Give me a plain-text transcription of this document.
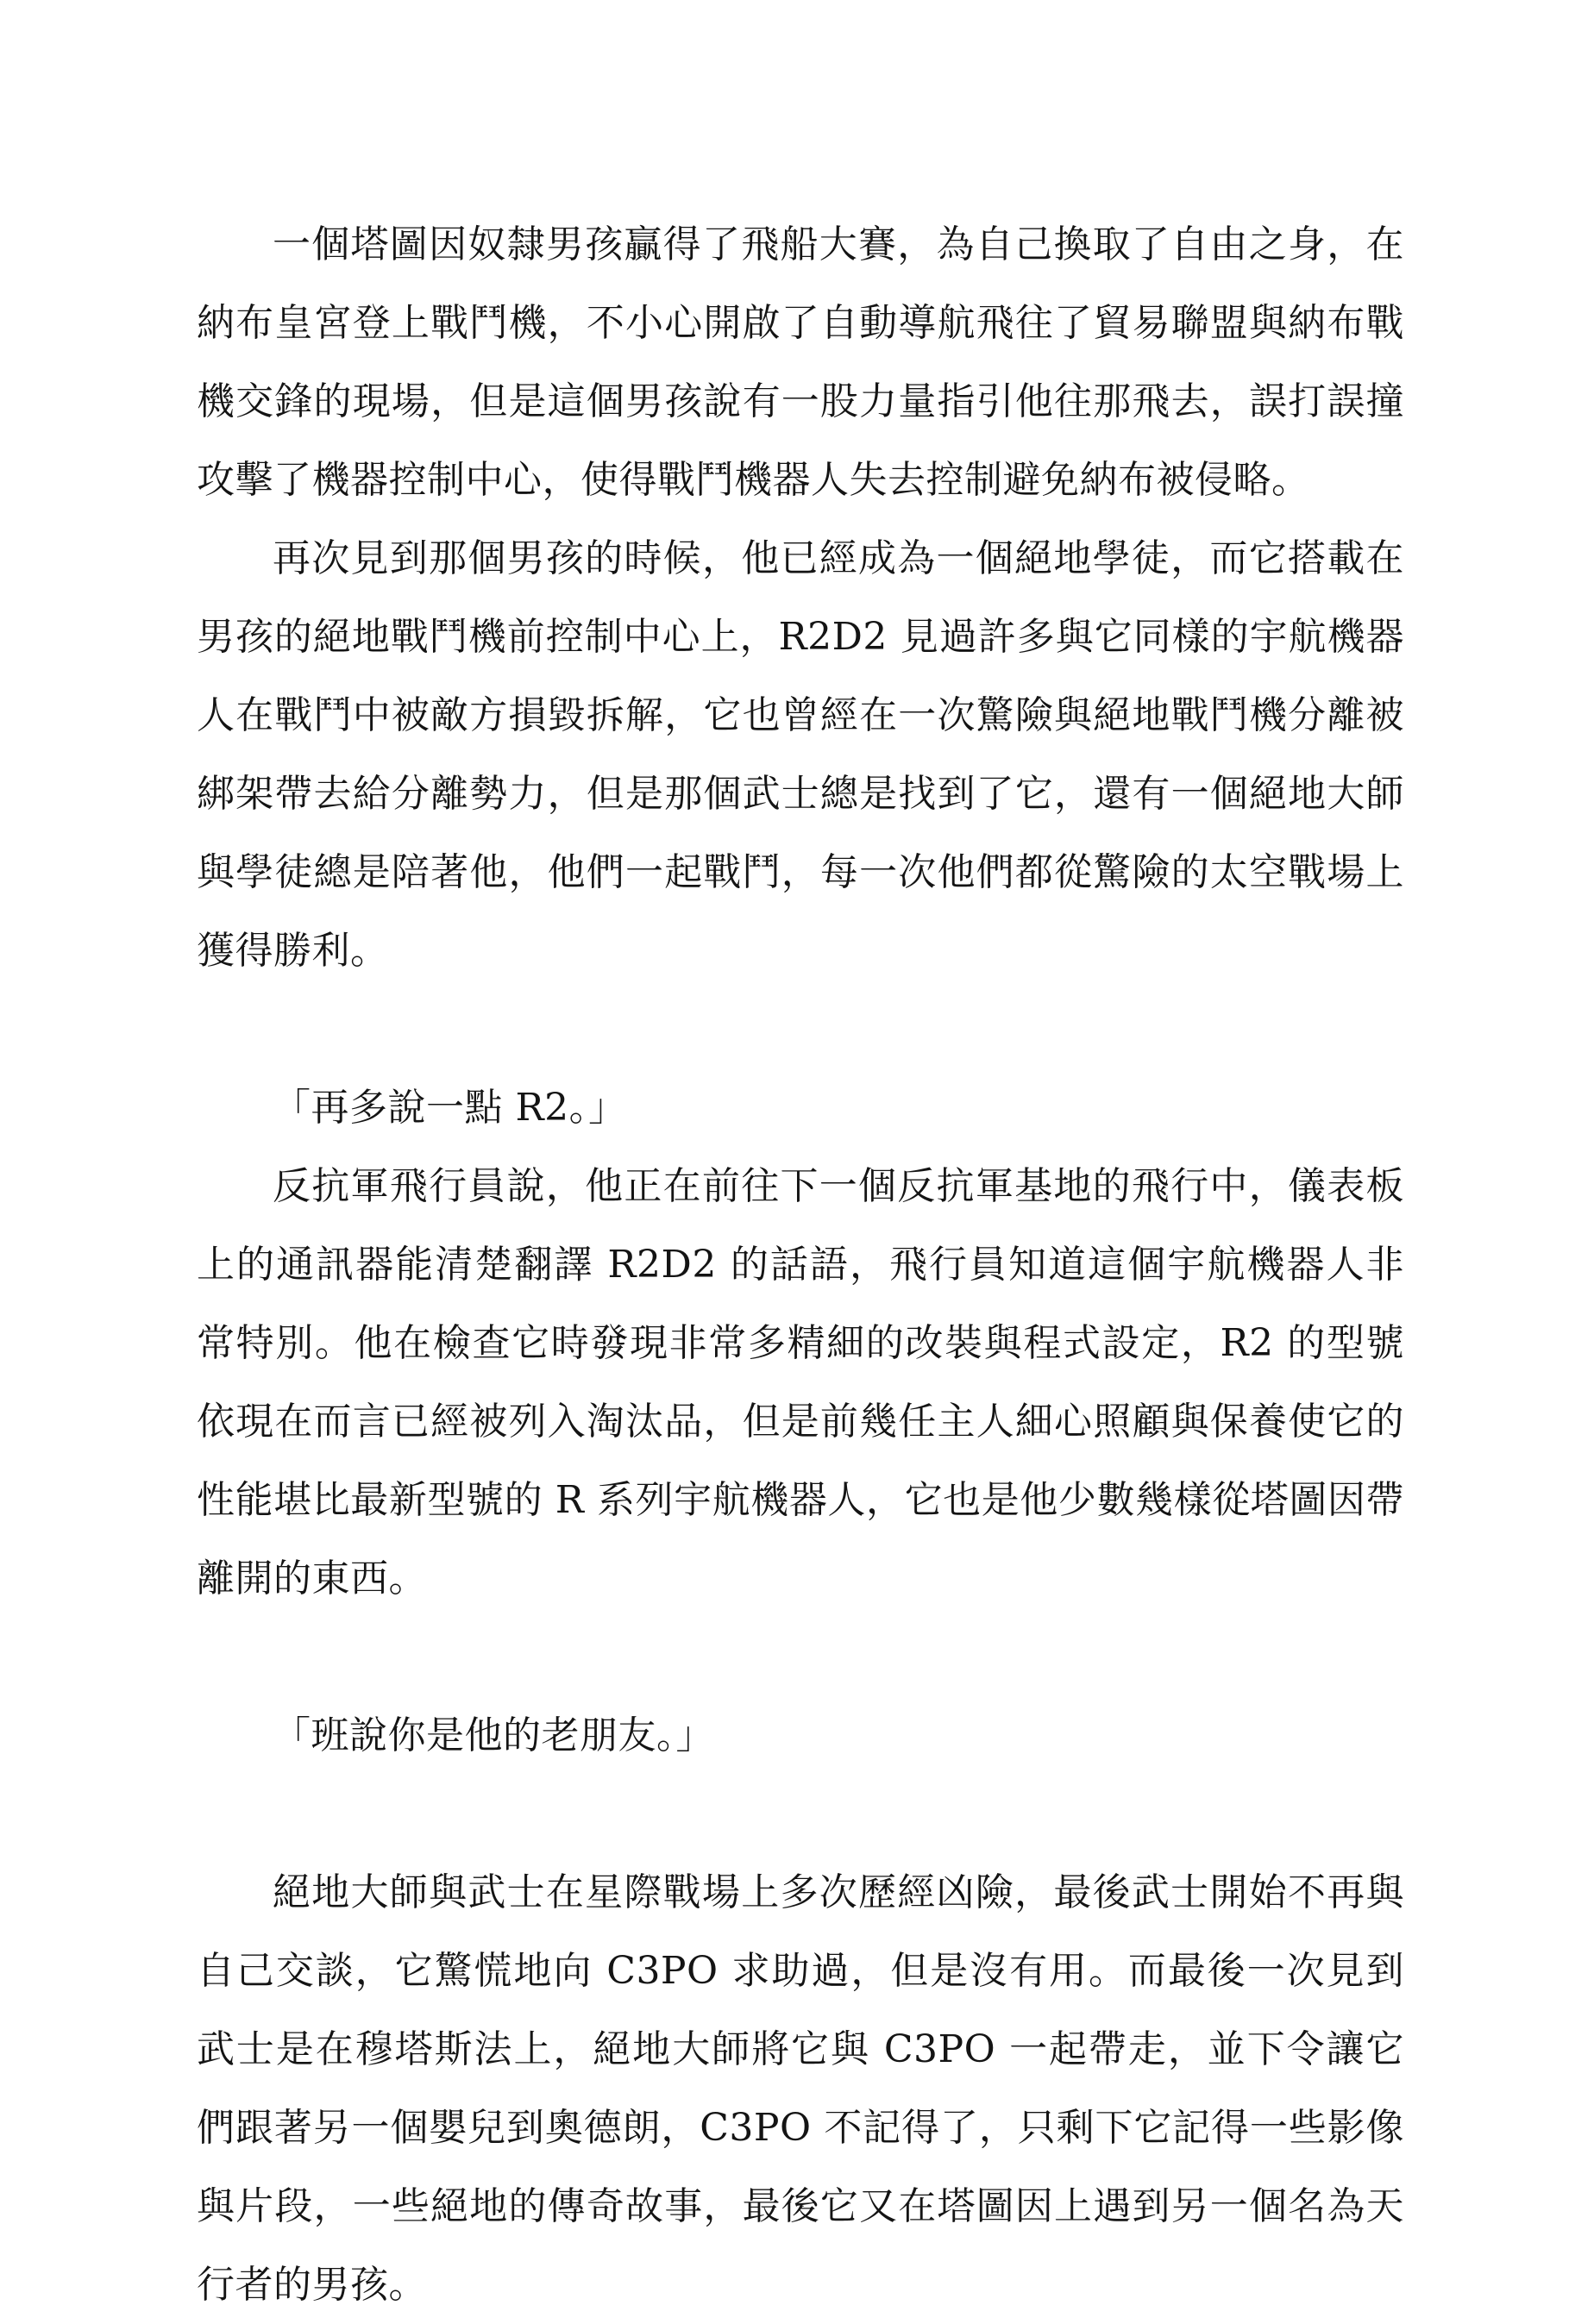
一個塔圖因奴隸男孩贏得了飛船大賽，為自己換取了自由之身，在納布皇宮登上戰鬥機，不小心開啟了自動導航飛往了貿易聯盟與納布戰機交鋒的現場，但是這個男孩說有一股力量指引他往那飛去，誤打誤撞攻擊了機器控制中心，使得戰鬥機器人失去控制避免納布被侵略。

再次見到那個男孩的時候，他已經成為一個絕地學徒，而它搭載在男孩的絕地戰鬥機前控制中心上，R2D2 見過許多與它同樣的宇航機器人在戰鬥中被敵方損毀拆解，它也曾經在一次驚險與絕地戰鬥機分離被綁架帶去給分離勢力，但是那個武士總是找到了它，還有一個絕地大師與學徒總是陪著他，他們一起戰鬥，每一次他們都從驚險的太空戰場上獲得勝利。

「再多說一點 R2。」

反抗軍飛行員說，他正在前往下一個反抗軍基地的飛行中，儀表板上的通訊器能清楚翻譯 R2D2 的話語，飛行員知道這個宇航機器人非常特別。他在檢查它時發現非常多精細的改裝與程式設定，R2 的型號依現在而言已經被列入淘汰品，但是前幾任主人細心照顧與保養使它的性能堪比最新型號的 R 系列宇航機器人，它也是他少數幾樣從塔圖因帶離開的東西。

「班說你是他的老朋友。」

絕地大師與武士在星際戰場上多次歷經凶險，最後武士開始不再與自己交談，它驚慌地向 C3PO 求助過，但是沒有用。而最後一次見到武士是在穆塔斯法上，絕地大師將它與 C3PO 一起帶走，並下令讓它們跟著另一個嬰兒到奧德朗，C3PO 不記得了，只剩下它記得一些影像與片段，一些絕地的傳奇故事，最後它又在塔圖因上遇到另一個名為天行者的男孩。
